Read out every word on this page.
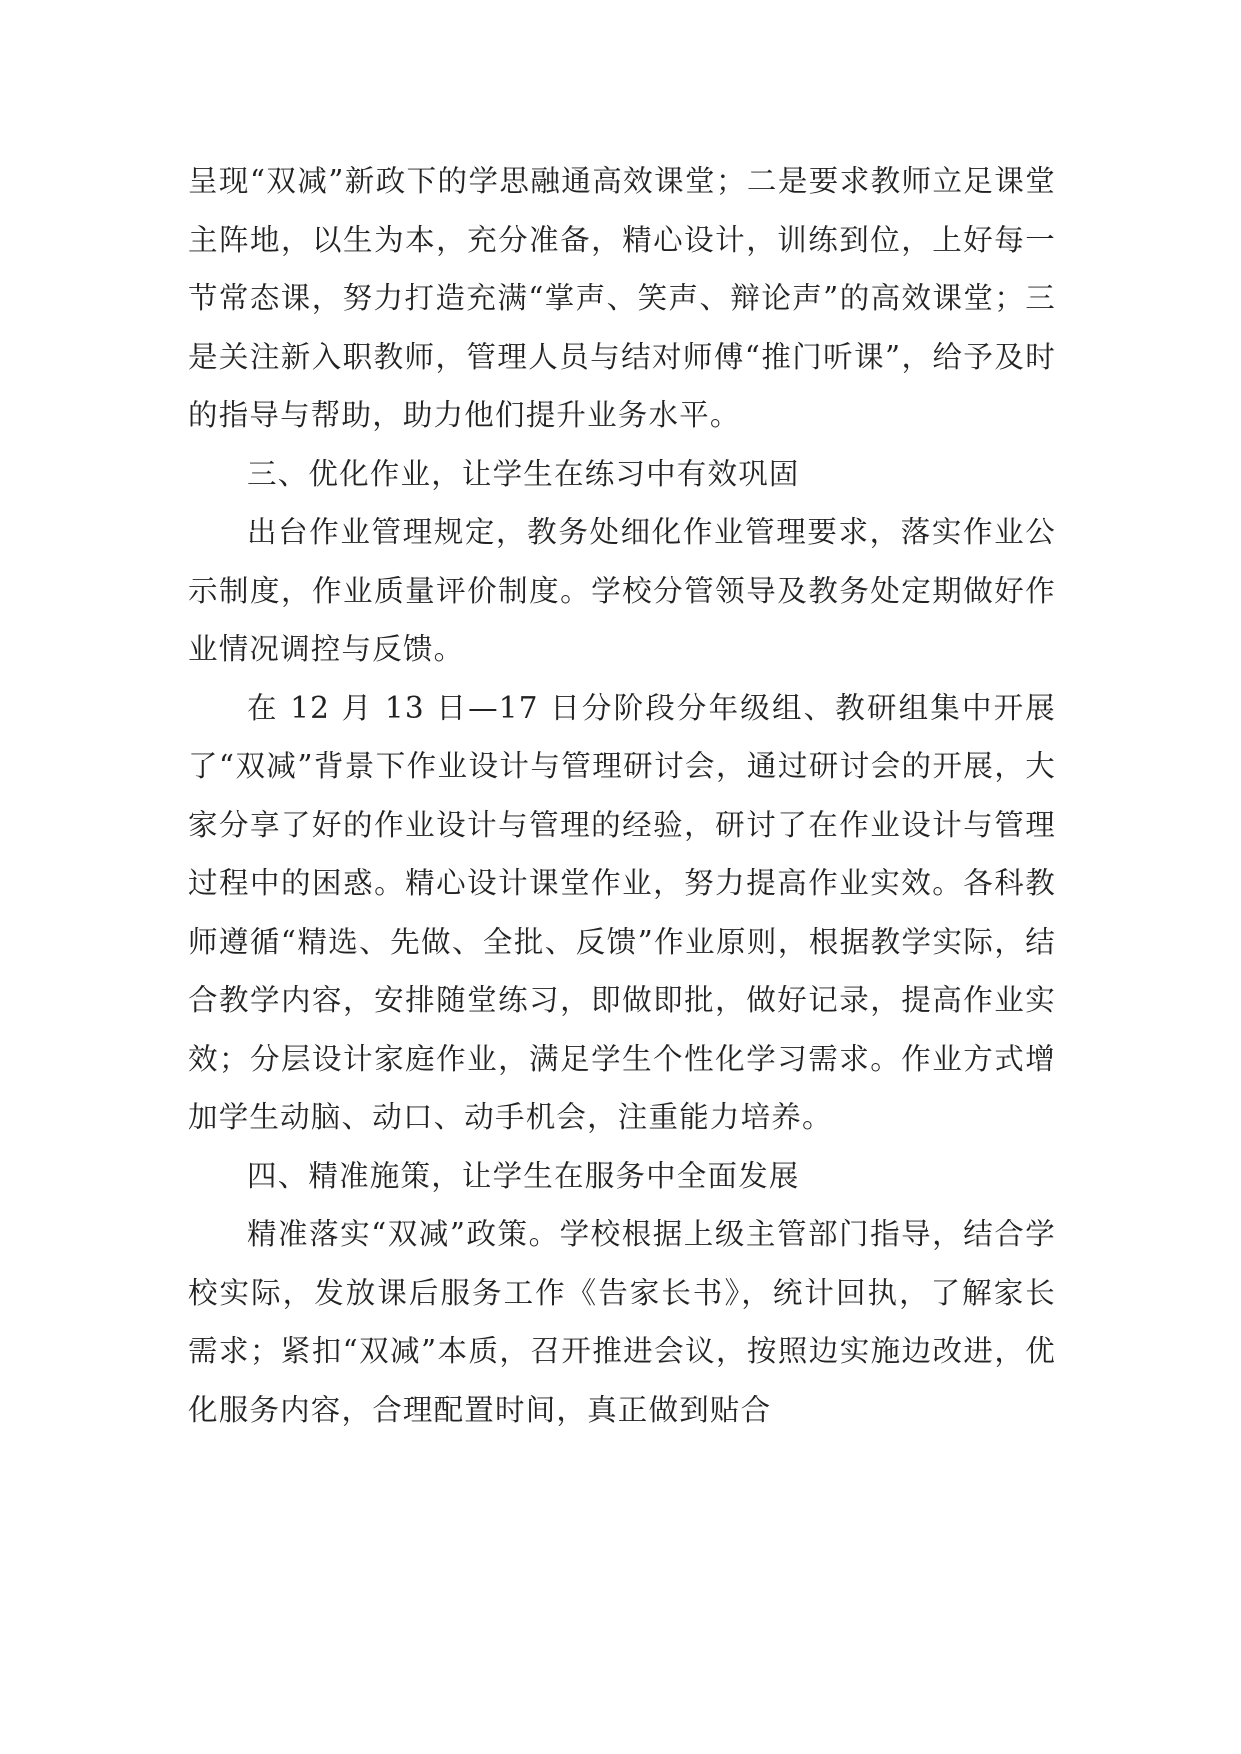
呈现“双减”新政下的学思融通高效课堂；二是要求教师立足课堂主阵地，以生为本，充分准备，精心设计，训练到位，上好每一节常态课，努力打造充满“掌声、笑声、辩论声”的高效课堂；三是关注新入职教师，管理人员与结对师傅“推门听课”，给予及时的指导与帮助，助力他们提升业务水平。

三、优化作业，让学生在练习中有效巩固

出台作业管理规定，教务处细化作业管理要求，落实作业公示制度，作业质量评价制度。学校分管领导及教务处定期做好作业情况调控与反馈。

在 12 月 13 日—17 日分阶段分年级组、教研组集中开展了“双减”背景下作业设计与管理研讨会，通过研讨会的开展，大家分享了好的作业设计与管理的经验，研讨了在作业设计与管理过程中的困惑。精心设计课堂作业，努力提高作业实效。各科教师遵循“精选、先做、全批、反馈”作业原则，根据教学实际，结合教学内容，安排随堂练习，即做即批，做好记录，提高作业实效；分层设计家庭作业，满足学生个性化学习需求。作业方式增加学生动脑、动口、动手机会，注重能力培养。

四、精准施策，让学生在服务中全面发展

精准落实“双减”政策。学校根据上级主管部门指导，结合学校实际，发放课后服务工作《告家长书》，统计回执，了解家长需求；紧扣“双减”本质，召开推进会议，按照边实施边改进，优化服务内容，合理配置时间，真正做到贴合
